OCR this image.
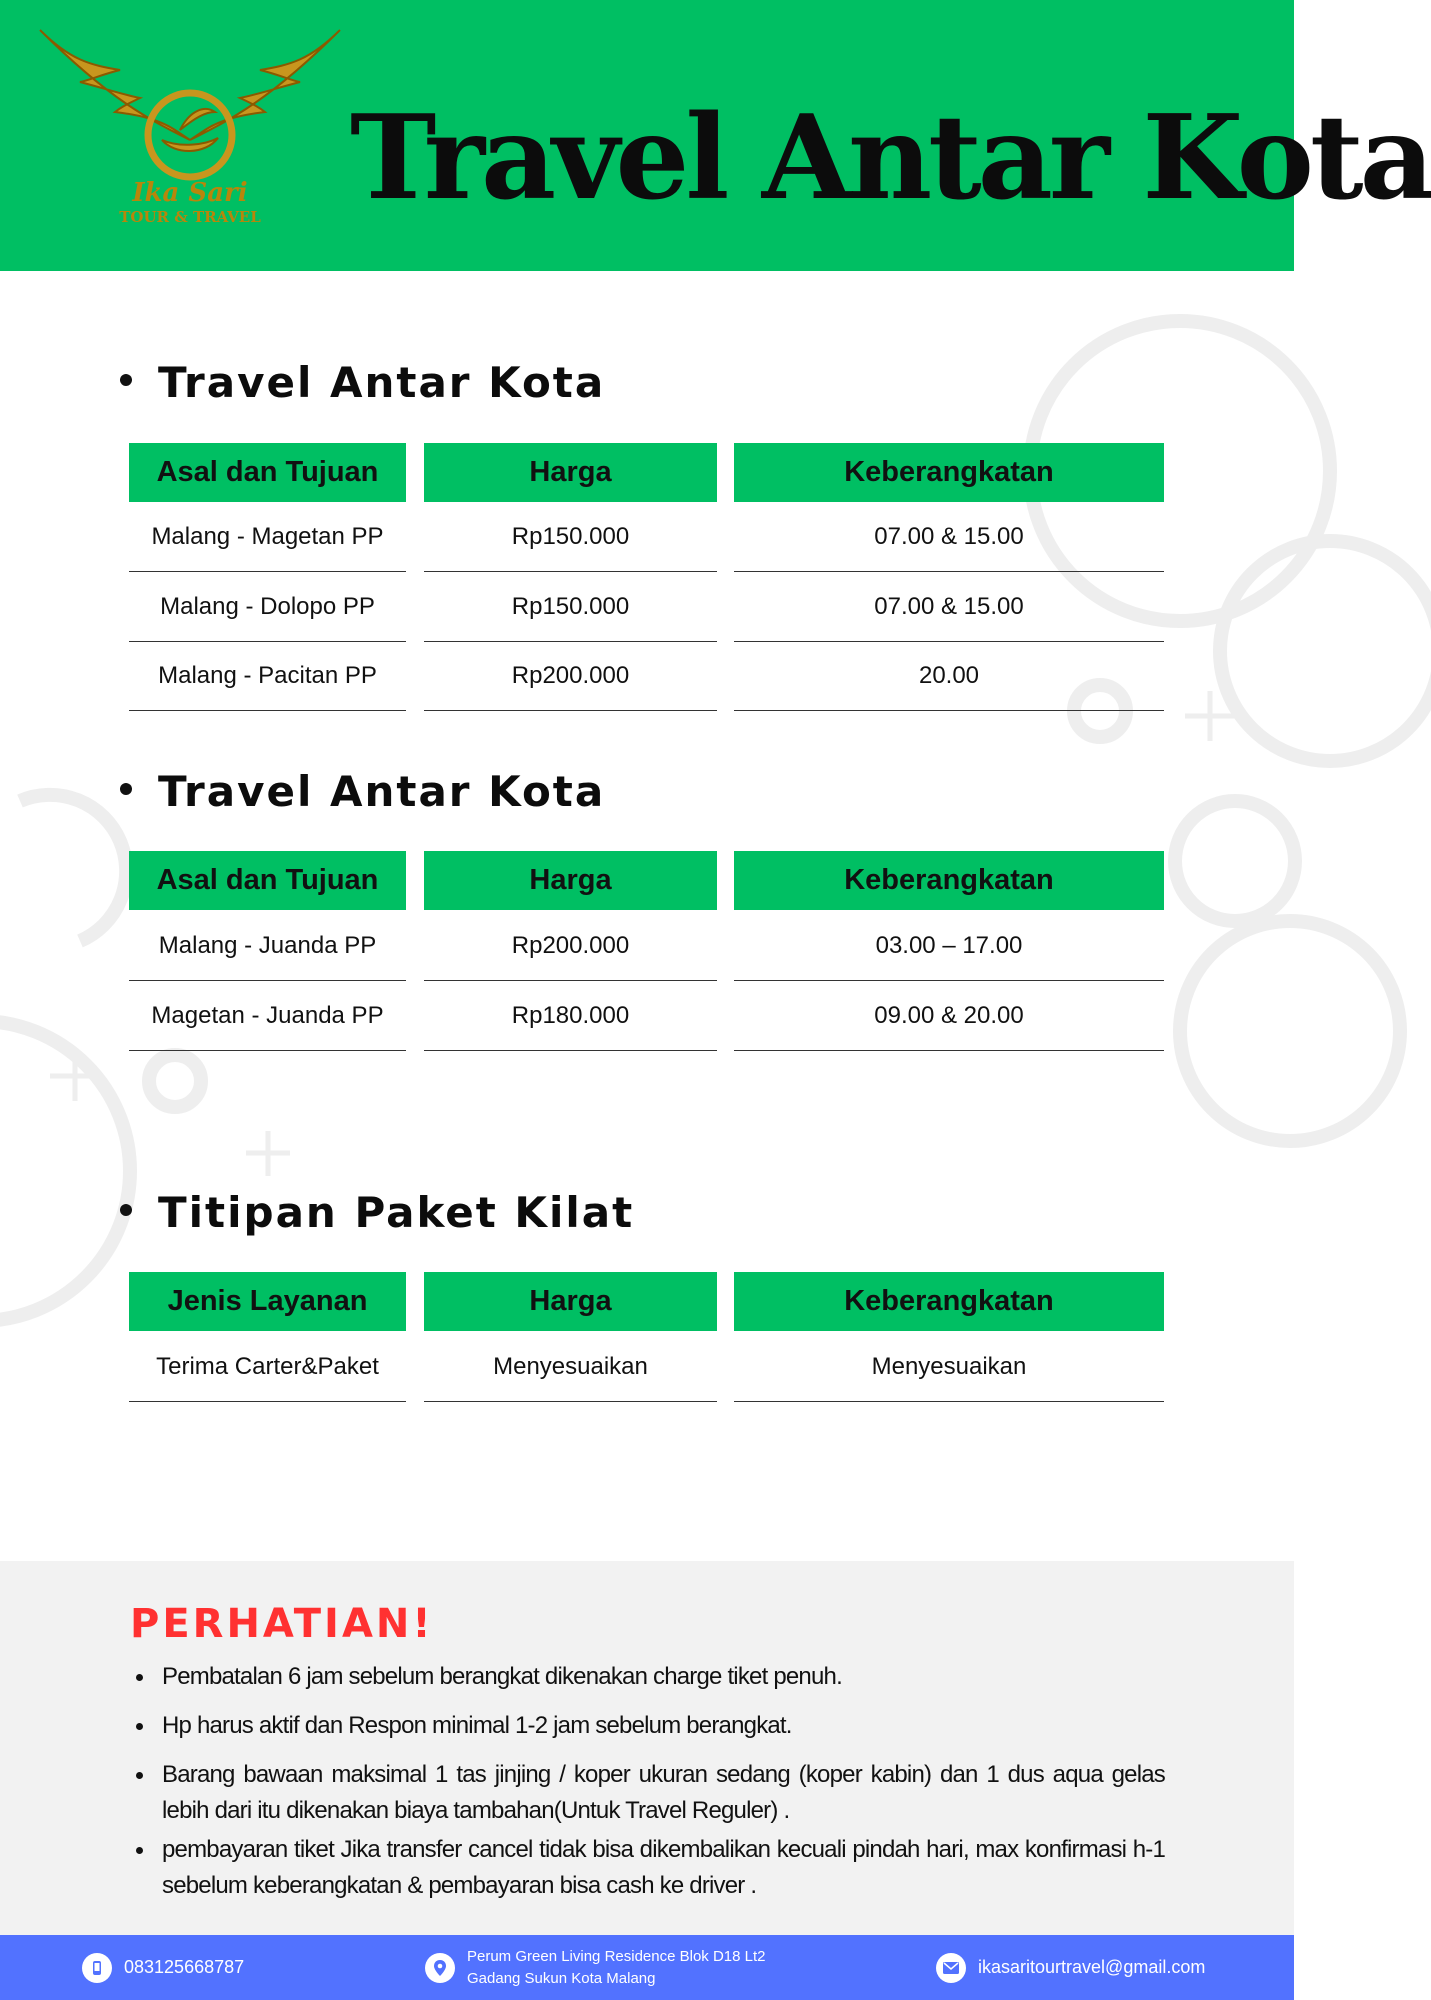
Ika Sari
TOUR & TRAVEL Travel Antar Kota
Travel Antar Kota
Asal dan Tujuan	Harga	Keberangkatan
Malang - Magetan PP	Rp150.000	07.00 & 15.00
Malang - Dolopo PP	Rp150.000	07.00 & 15.00
Malang - Pacitan PP	Rp200.000	20.00
Travel Antar Kota
Asal dan Tujuan	Harga	Keberangkatan
Malang - Juanda PP	Rp200.000	03.00 – 17.00
Magetan - Juanda PP	Rp180.000	09.00 & 20.00
Titipan Paket Kilat
Jenis Layanan	Harga	Keberangkatan
Terima Carter&Paket	Menyesuaikan	Menyesuaikan
PERHATIAN!
Pembatalan 6 jam sebelum berangkat dikenakan charge tiket penuh.
Hp harus aktif dan Respon minimal 1-2 jam sebelum berangkat.
Barang bawaan maksimal 1 tas jinjing / koper ukuran sedang (koper kabin) dan 1 dus aqua gelas lebih dari itu dikenakan biaya tambahan(Untuk Travel Reguler) .
pembayaran tiket Jika transfer cancel tidak bisa dikembalikan kecuali pindah hari, max konfirmasi h-1 sebelum keberangkatan & pembayaran bisa cash ke driver .
083125668787
Perum Green Living Residence Blok D18 Lt2
Gadang Sukun Kota Malang
ikasaritourtravel@gmail.com
